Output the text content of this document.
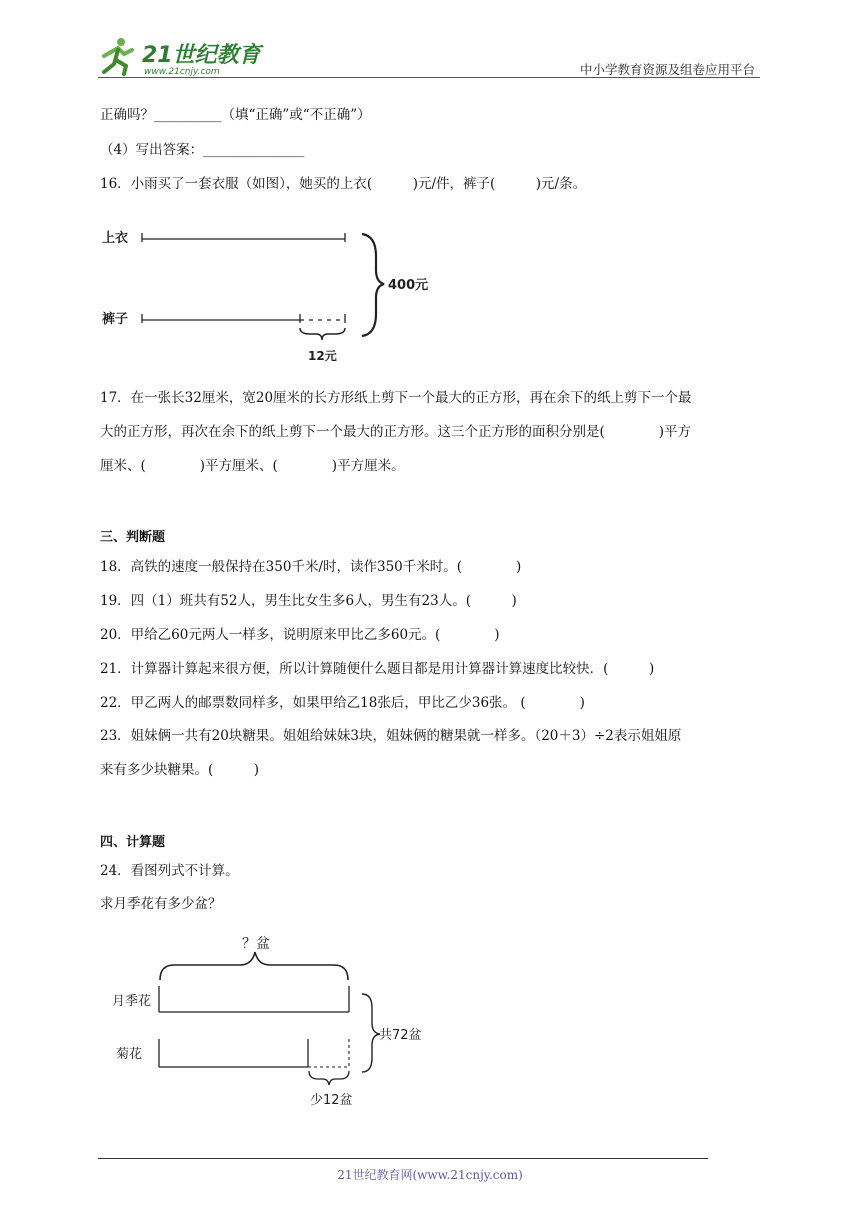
21世纪教育
www.21cnjy.com	中小学教育资源及组卷应用平台
正确吗？__________（填“正确”或“不正确”）
（4）写出答案：_______________
16．小雨买了一套衣服（如图），她买的上衣(　　　)元/件，裤子(　　　)元/条。
上衣
裤子
12元
400元
17．在一张长32厘米，宽20厘米的长方形纸上剪下一个最大的正方形，再在余下的纸上剪下一个最
大的正方形，再次在余下的纸上剪下一个最大的正方形。这三个正方形的面积分别是(　　　　)平方
厘米、(　　　　)平方厘米、(　　　　)平方厘米。
三、判断题
18．高铁的速度一般保持在350千米/时，读作350千米时。(　　　　)
19．四（1）班共有52人，男生比女生多6人，男生有23人。(　　　)
20．甲给乙60元两人一样多，说明原来甲比乙多60元。(　　　　)
21．计算器计算起来很方便，所以计算随便什么题目都是用计算器计算速度比较快．(　　　)
22．甲乙两人的邮票数同样多，如果甲给乙18张后，甲比乙少36张。 (　　　　)
23．姐妹俩一共有20块糖果。姐姐给妹妹3块，姐妹俩的糖果就一样多。（20＋3）÷2表示姐姐原
来有多少块糖果。(　　　)
四、计算题
24．看图列式不计算。
求月季花有多少盆？
？盆
月季花
菊花
少12盆
共72盆
21世纪教育网(www.21cnjy.com)
